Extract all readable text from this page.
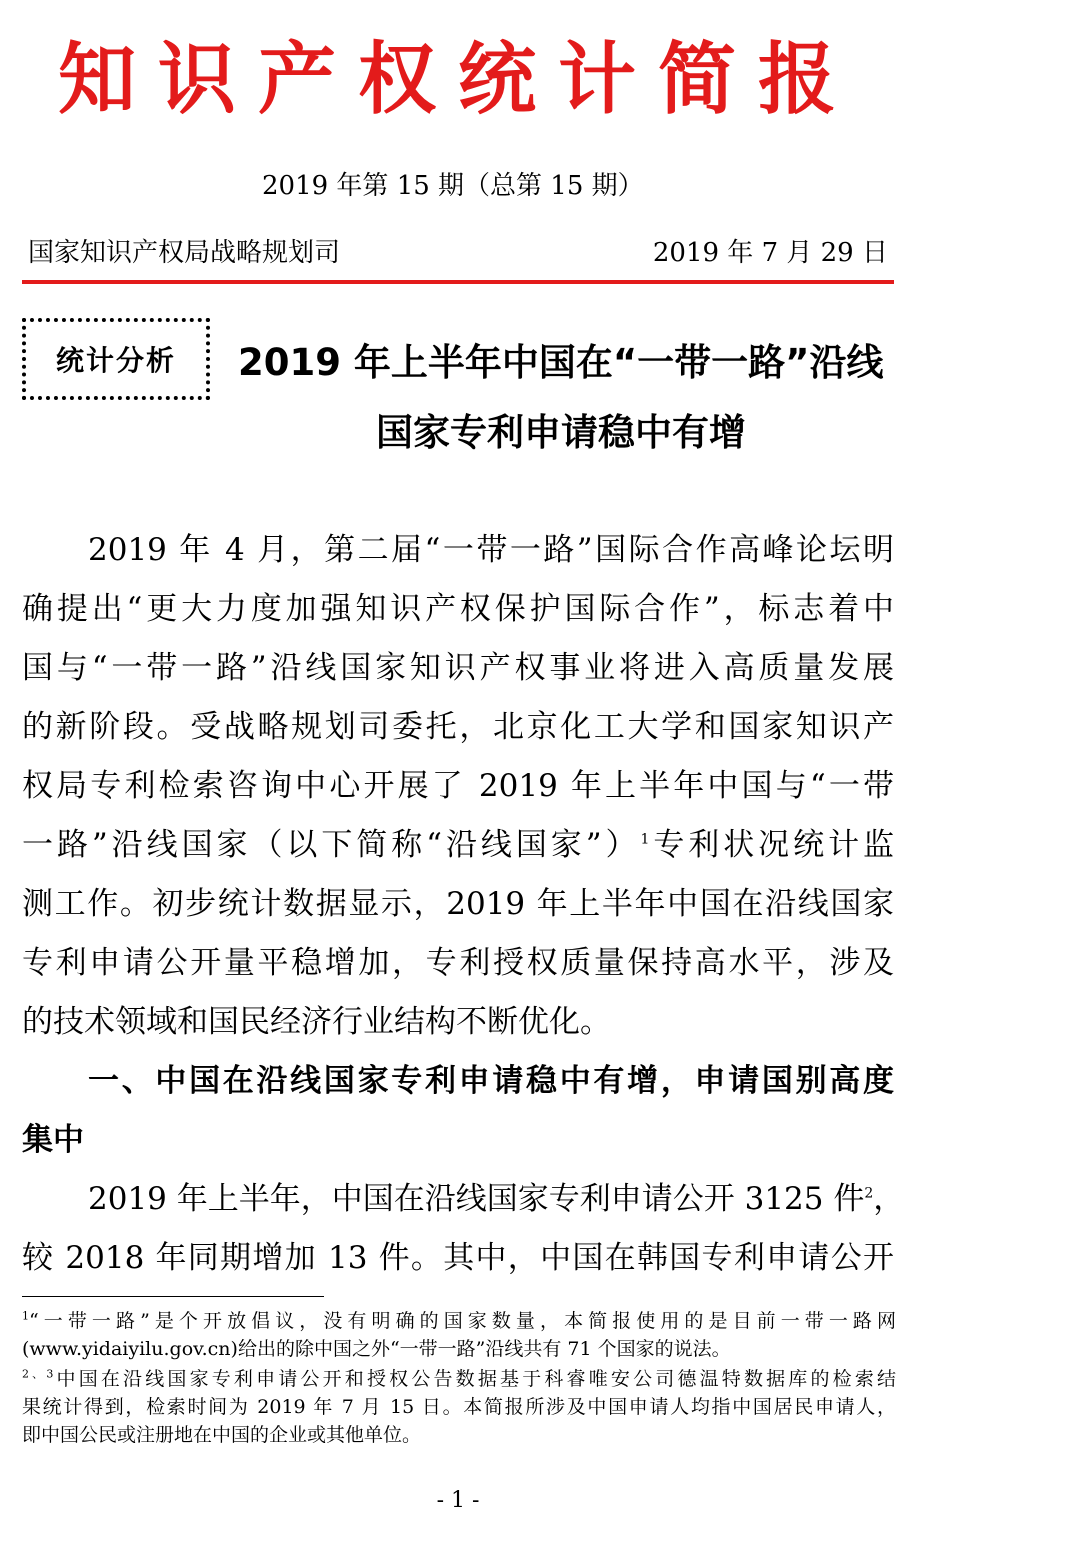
知识产权统计简报
2019 年第 15 期（总第 15 期）
国家知识产权局战略规划司	2019 年 7 月 29 日
统计分析 2019 年上半年中国在“一带一路”沿线
国家专利申请稳中有增
2019 年 4 月，第二届“一带一路”国际合作高峰论坛明
确提出“更大力度加强知识产权保护国际合作”，标志着中
国与“一带一路”沿线国家知识产权事业将进入高质量发展
的新阶段。受战略规划司委托，北京化工大学和国家知识产
权局专利检索咨询中心开展了 2019 年上半年中国与“一带
一路”沿线国家（以下简称“沿线国家”）$^1$专利状况统计监
测工作。初步统计数据显示，2019 年上半年中国在沿线国家
专利申请公开量平稳增加，专利授权质量保持高水平，涉及
的技术领域和国民经济行业结构不断优化。
一、中国在沿线国家专利申请稳中有增，申请国别高度
集中
2019 年上半年，中国在沿线国家专利申请公开 3125 件$^2$，
较 2018 年同期增加 13 件。其中，中国在韩国专利申请公开
$^1$“一带一路”是个开放倡议，没有明确的国家数量，本简报使用的是目前一带一路网
(www.yidaiyilu.gov.cn)给出的除中国之外“一带一路”沿线共有 71 个国家的说法。
$^{2、3}$中国在沿线国家专利申请公开和授权公告数据基于科睿唯安公司德温特数据库的检索结
果统计得到，检索时间为 2019 年 7 月 15 日。本简报所涉及中国申请人均指中国居民申请人，
即中国公民或注册地在中国的企业或其他单位。
- 1 -
